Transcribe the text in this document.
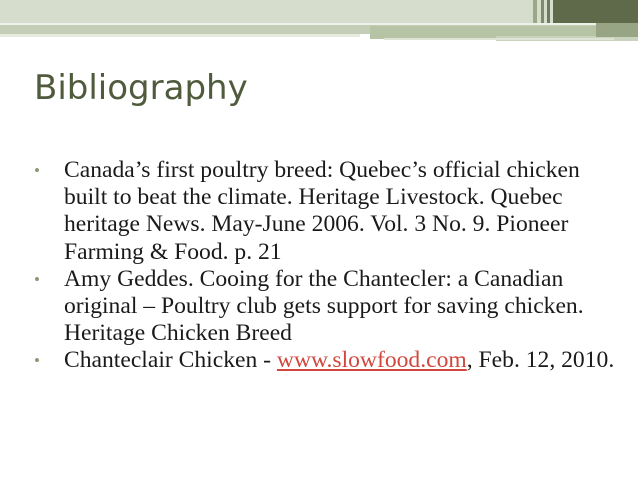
Bibliography
•	Canada’s first poultry breed: Quebec’s official chicken built to beat the climate. Heritage Livestock. Quebec heritage News. May-June 2006. Vol. 3 No. 9. Pioneer Farming & Food. p. 21
•	Amy Geddes. Cooing for the Chantecler: a Canadian original – Poultry club gets support for saving chicken. Heritage Chicken Breed
•	Chanteclair Chicken - www.slowfood.com, Feb. 12, 2010.
